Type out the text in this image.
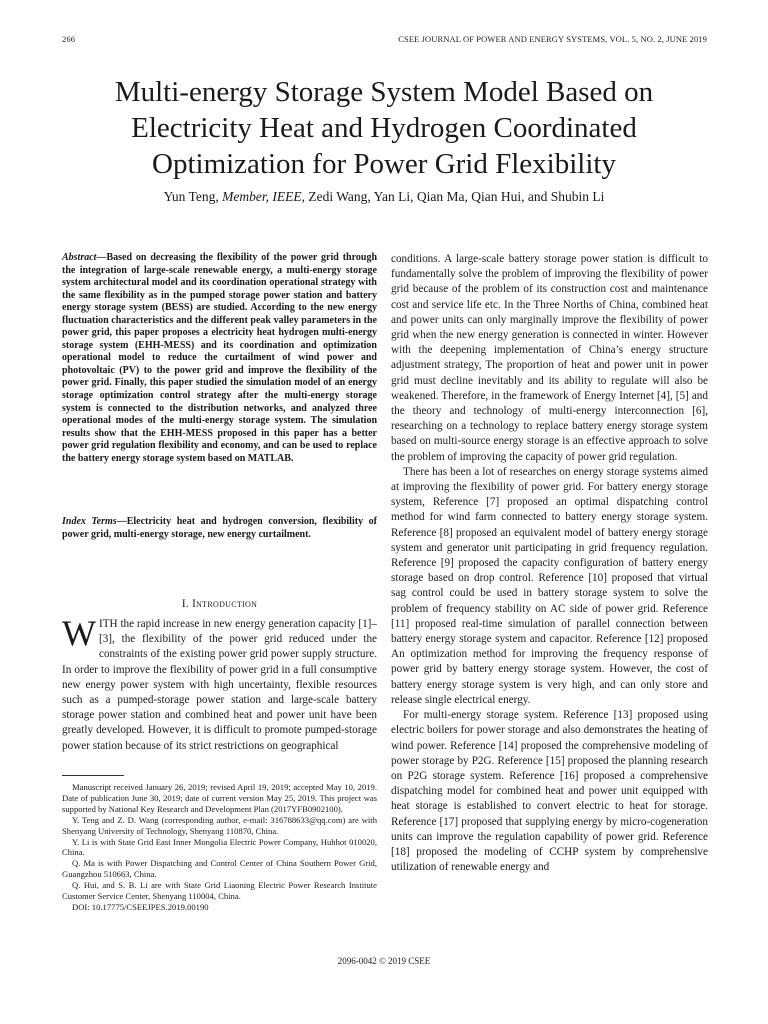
266	CSEE JOURNAL OF POWER AND ENERGY SYSTEMS, VOL. 5, NO. 2, JUNE 2019
Multi-energy Storage System Model Based on
Electricity Heat and Hydrogen Coordinated
Optimization for Power Grid Flexibility
Yun Teng, Member, IEEE, Zedi Wang, Yan Li, Qian Ma, Qian Hui, and Shubin Li
Abstract—Based on decreasing the flexibility of the power grid through the integration of large-scale renewable energy, a multi-energy storage system architectural model and its coordination operational strategy with the same flexibility as in the pumped storage power station and battery energy storage system (BESS) are studied. According to the new energy fluctuation characteristics and the different peak valley parameters in the power grid, this paper proposes a electricity heat hydrogen multi-energy storage system (EHH-MESS) and its coordination and optimization operational model to reduce the curtailment of wind power and photovoltaic (PV) to the power grid and improve the flexibility of the power grid. Finally, this paper studied the simulation model of an energy storage optimization control strategy after the multi-energy storage system is connected to the distribution networks, and analyzed three operational modes of the multi-energy storage system. The simulation results show that the EHH-MESS proposed in this paper has a better power grid regulation flexibility and economy, and can be used to replace the battery energy storage system based on MATLAB.
Index Terms—Electricity heat and hydrogen conversion, flexibility of power grid, multi-energy storage, new energy curtailment.
I. Introduction
WITH the rapid increase in new energy generation capacity [1]–[3], the flexibility of the power grid reduced under the constraints of the existing power grid power supply structure. In order to improve the flexibility of power grid in a full consumptive new energy power system with high uncertainty, flexible resources such as a pumped-storage power station and large-scale battery storage power station and combined heat and power unit have been greatly developed. However, it is difficult to promote pumped-storage power station because of its strict restrictions on geographical

Manuscript received January 26, 2019; revised April 19, 2019; accepted May 10, 2019. Date of publication June 30, 2019; date of current version May 25, 2019. This project was supported by National Key Research and Development Plan (2017YFB0902100).

Y. Teng and Z. D. Wang (corresponding author, e-mail: 316788633@qq.com) are with Shenyang University of Technology, Shenyang 110870, China.

Y. Li is with State Grid East Inner Mongolia Electric Power Company, Huhhot 010020, China.

Q. Ma is with Power Dispatching and Control Center of China Southern Power Grid, Guangzhou 510663, China.

Q. Hui, and S. B. Li are with State Grid Liaoning Electric Power Research Institute Customer Service Center, Shenyang 110004, China.

DOI: 10.17775/CSEEJPES.2019.00190

conditions. A large-scale battery storage power station is difficult to fundamentally solve the problem of improving the flexibility of power grid because of the problem of its construction cost and maintenance cost and service life etc. In the Three Norths of China, combined heat and power units can only marginally improve the flexibility of power grid when the new energy generation is connected in winter. However with the deepening implementation of China’s energy structure adjustment strategy, The proportion of heat and power unit in power grid must decline inevitably and its ability to regulate will also be weakened. Therefore, in the framework of Energy Internet [4], [5] and the theory and technology of multi-energy interconnection [6], researching on a technology to replace battery energy storage system based on multi-source energy storage is an effective approach to solve the problem of improving the capacity of power grid regulation.

There has been a lot of researches on energy storage systems aimed at improving the flexibility of power grid. For battery energy storage system, Reference [7] proposed an optimal dispatching control method for wind farm connected to battery energy storage system. Reference [8] proposed an equivalent model of battery energy storage system and generator unit participating in grid frequency regulation. Reference [9] proposed the capacity configuration of battery energy storage based on drop control. Reference [10] proposed that virtual sag control could be used in battery storage system to solve the problem of frequency stability on AC side of power grid. Reference [11] proposed real-time simulation of parallel connection between battery energy storage system and capacitor. Reference [12] proposed An optimization method for improving the frequency response of power grid by battery energy storage system. However, the cost of battery energy storage system is very high, and can only store and release single electrical energy.

For multi-energy storage system. Reference [13] proposed using electric boilers for power storage and also demonstrates the heating of wind power. Reference [14] proposed the comprehensive modeling of power storage by P2G. Reference [15] proposed the planning research on P2G storage system. Reference [16] proposed a comprehensive dispatching model for combined heat and power unit equipped with heat storage is established to convert electric to heat for storage. Reference [17] proposed that supplying energy by micro-cogeneration units can improve the regulation capability of power grid. Reference [18] proposed the modeling of CCHP system by comprehensive utilization of renewable energy and

2096-0042 © 2019 CSEE
